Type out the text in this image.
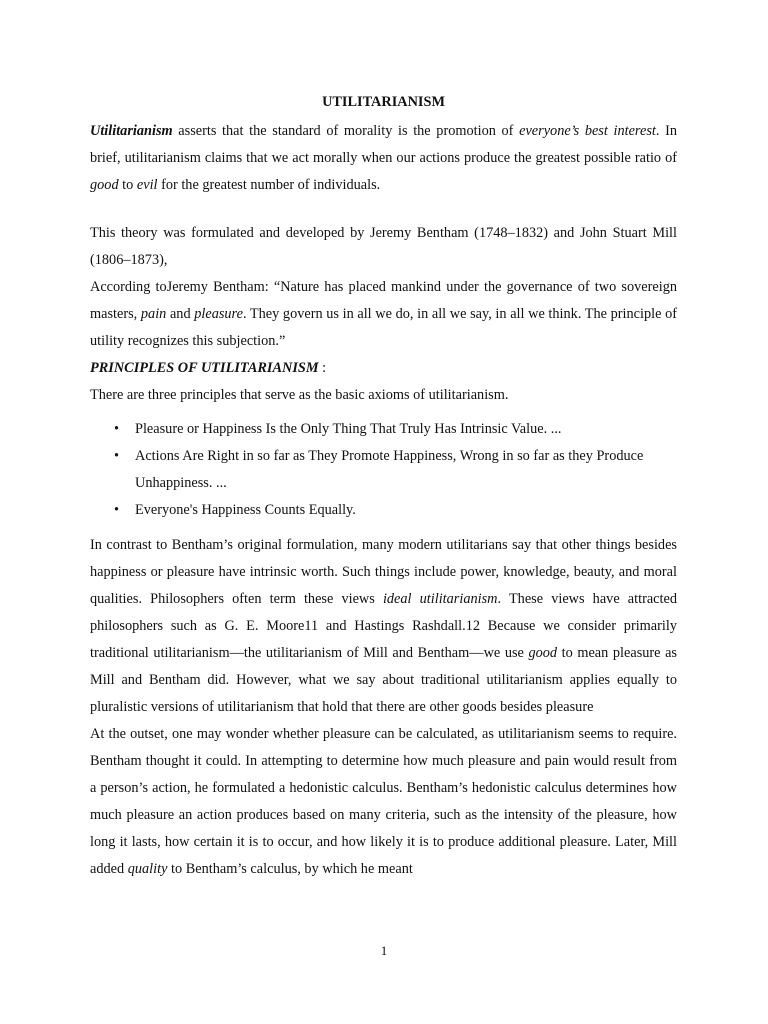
UTILITARIANISM

Utilitarianism asserts that the standard of morality is the promotion of everyone’s best interest. In brief, utilitarianism claims that we act morally when our actions produce the greatest possible ratio of good to evil for the greatest number of individuals.

This theory was formulated and developed by Jeremy Bentham (1748–1832) and John Stuart Mill (1806–1873),

According toJeremy Bentham: “Nature has placed mankind under the governance of two sovereign masters, pain and pleasure. They govern us in all we do, in all we say, in all we think. The principle of utility recognizes this subjection.”

PRINCIPLES OF UTILITARIANISM :

There are three principles that serve as the basic axioms of utilitarianism.

• Pleasure or Happiness Is the Only Thing That Truly Has Intrinsic Value. ...
• Actions Are Right in so far as They Promote Happiness, Wrong in so far as they Produce Unhappiness. ...
• Everyone's Happiness Counts Equally.

In contrast to Bentham’s original formulation, many modern utilitarians say that other things besides happiness or pleasure have intrinsic worth. Such things include power, knowledge, beauty, and moral qualities. Philosophers often term these views ideal utilitarianism. These views have attracted philosophers such as G. E. Moore11 and Hastings Rashdall.12 Because we consider primarily traditional utilitarianism—the utilitarianism of Mill and Bentham—we use good to mean pleasure as Mill and Bentham did. However, what we say about traditional utilitarianism applies equally to pluralistic versions of utilitarianism that hold that there are other goods besides pleasure

At the outset, one may wonder whether pleasure can be calculated, as utilitarianism seems to require. Bentham thought it could. In attempting to determine how much pleasure and pain would result from a person’s action, he formulated a hedonistic calculus. Bentham’s hedonistic calculus determines how much pleasure an action produces based on many criteria, such as the intensity of the pleasure, how long it lasts, how certain it is to occur, and how likely it is to produce additional pleasure. Later, Mill added quality to Bentham’s calculus, by which he meant

1
